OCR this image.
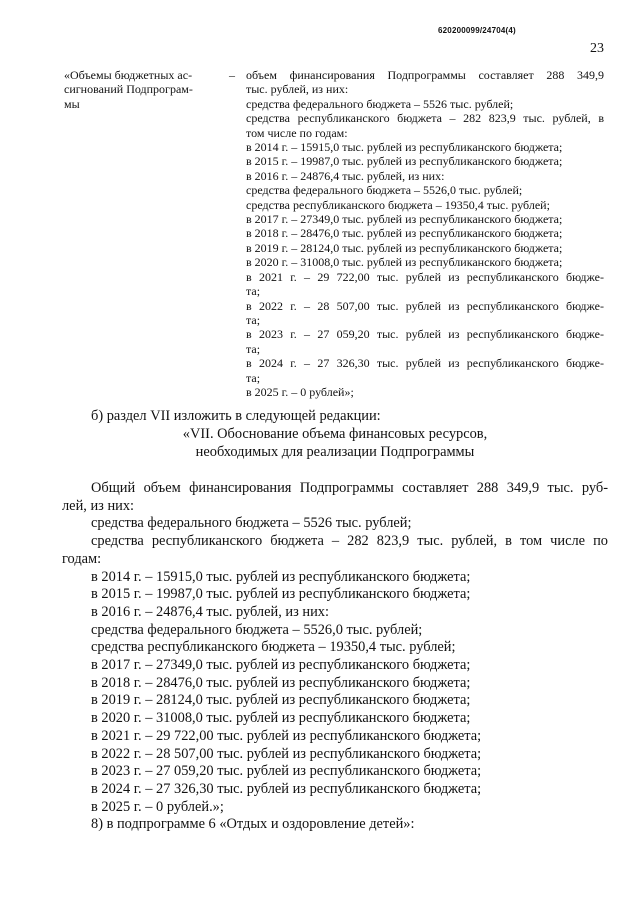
620200099/24704(4)
23
«Объемы бюджетных ас-
сигнований Подпрограм-
мы
– объем финансирования Подпрограммы составляет 288 349,9
тыс. рублей, из них:
средства федерального бюджета – 5526 тыс. рублей;
средства республиканского бюджета – 282 823,9 тыс. рублей, в
том числе по годам:
в 2014 г. – 15915,0 тыс. рублей из республиканского бюджета;
в 2015 г. – 19987,0 тыс. рублей из республиканского бюджета;
в 2016 г. – 24876,4 тыс. рублей, из них:
средства федерального бюджета – 5526,0 тыс. рублей;
средства республиканского бюджета – 19350,4 тыс. рублей;
в 2017 г. – 27349,0 тыс. рублей из республиканского бюджета;
в 2018 г. – 28476,0 тыс. рублей из республиканского бюджета;
в 2019 г. – 28124,0 тыс. рублей из республиканского бюджета;
в 2020 г. – 31008,0 тыс. рублей из республиканского бюджета;
в 2021 г. – 29 722,00 тыс. рублей из республиканского бюдже-
та;
в 2022 г. – 28 507,00 тыс. рублей из республиканского бюдже-
та;
в 2023 г. – 27 059,20 тыс. рублей из республиканского бюдже-
та;
в 2024 г. – 27 326,30 тыс. рублей из республиканского бюдже-
та;
в 2025 г. – 0 рублей»;
б) раздел VII изложить в следующей редакции:
«VII. Обоснование объема финансовых ресурсов,
необходимых для реализации Подпрограммы
Общий объем финансирования Подпрограммы составляет 288 349,9 тыс. руб-
лей, из них:
средства федерального бюджета – 5526 тыс. рублей;
средства республиканского бюджета – 282 823,9 тыс. рублей, в том числе по
годам:
в 2014 г. – 15915,0 тыс. рублей из республиканского бюджета;
в 2015 г. – 19987,0 тыс. рублей из республиканского бюджета;
в 2016 г. – 24876,4 тыс. рублей, из них:
средства федерального бюджета – 5526,0 тыс. рублей;
средства республиканского бюджета – 19350,4 тыс. рублей;
в 2017 г. – 27349,0 тыс. рублей из республиканского бюджета;
в 2018 г. – 28476,0 тыс. рублей из республиканского бюджета;
в 2019 г. – 28124,0 тыс. рублей из республиканского бюджета;
в 2020 г. – 31008,0 тыс. рублей из республиканского бюджета;
в 2021 г. – 29 722,00 тыс. рублей из республиканского бюджета;
в 2022 г. – 28 507,00 тыс. рублей из республиканского бюджета;
в 2023 г. – 27 059,20 тыс. рублей из республиканского бюджета;
в 2024 г. – 27 326,30 тыс. рублей из республиканского бюджета;
в 2025 г. – 0 рублей.»;
8) в подпрограмме 6 «Отдых и оздоровление детей»:
